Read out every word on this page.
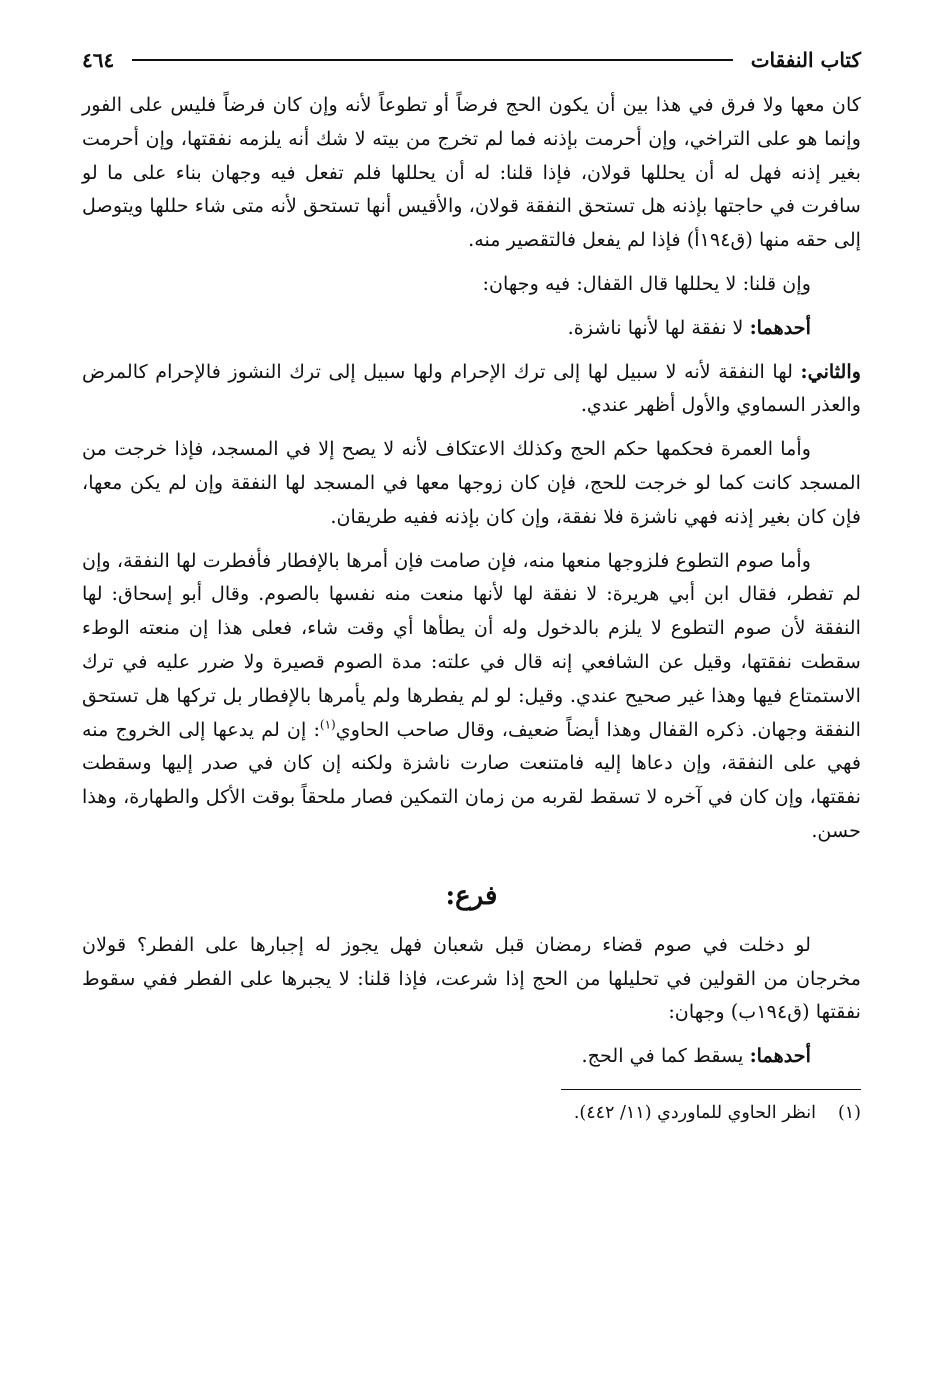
كتاب النفقات
٤٦٤

كان معها ولا فرق في هذا بين أن يكون الحج فرضاً أو تطوعاً لأنه وإن كان فرضاً فليس على الفور وإنما هو على التراخي، وإن أحرمت بإذنه فما لم تخرج من بيته لا شك أنه يلزمه نفقتها، وإن أحرمت بغير إذنه فهل له أن يحللها قولان، فإذا قلنا: له أن يحللها فلم تفعل فيه وجهان بناء على ما لو سافرت في حاجتها بإذنه هل تستحق النفقة قولان، والأقيس أنها تستحق لأنه متى شاء حللها ويتوصل إلى حقه منها (ق١٩٤أ) فإذا لم يفعل فالتقصير منه.

وإن قلنا: لا يحللها قال القفال: فيه وجهان:

أحدهما: لا نفقة لها لأنها ناشزة.

والثاني: لها النفقة لأنه لا سبيل لها إلى ترك الإحرام ولها سبيل إلى ترك النشوز فالإحرام كالمرض والعذر السماوي والأول أظهر عندي.

وأما العمرة فحكمها حكم الحج وكذلك الاعتكاف لأنه لا يصح إلا في المسجد، فإذا خرجت من المسجد كانت كما لو خرجت للحج، فإن كان زوجها معها في المسجد لها النفقة وإن لم يكن معها، فإن كان بغير إذنه فهي ناشزة فلا نفقة، وإن كان بإذنه ففيه طريقان.

وأما صوم التطوع فلزوجها منعها منه، فإن صامت فإن أمرها بالإفطار فأفطرت لها النفقة، وإن لم تفطر، فقال ابن أبي هريرة: لا نفقة لها لأنها منعت منه نفسها بالصوم. وقال أبو إسحاق: لها النفقة لأن صوم التطوع لا يلزم بالدخول وله أن يطأها أي وقت شاء، فعلى هذا إن منعته الوطء سقطت نفقتها، وقيل عن الشافعي إنه قال في علته: مدة الصوم قصيرة ولا ضرر عليه في ترك الاستمتاع فيها وهذا غير صحيح عندي. وقيل: لو لم يفطرها ولم يأمرها بالإفطار بل تركها هل تستحق النفقة وجهان. ذكره القفال وهذا أيضاً ضعيف، وقال صاحب الحاوي$^{(١)}$: إن لم يدعها إلى الخروج منه فهي على النفقة، وإن دعاها إليه فامتنعت صارت ناشزة ولكنه إن كان في صدر إليها وسقطت نفقتها، وإن كان في آخره لا تسقط لقربه من زمان التمكين فصار ملحقاً بوقت الأكل والطهارة، وهذا حسن.

فرع:

لو دخلت في صوم قضاء رمضان قبل شعبان فهل يجوز له إجبارها على الفطر؟ قولان مخرجان من القولين في تحليلها من الحج إذا شرعت، فإذا قلنا: لا يجبرها على الفطر ففي سقوط نفقتها (ق١٩٤ب) وجهان:

أحدهما: يسقط كما في الحج.

(١)انظر الحاوي للماوردي (١١/ ٤٤٢).
